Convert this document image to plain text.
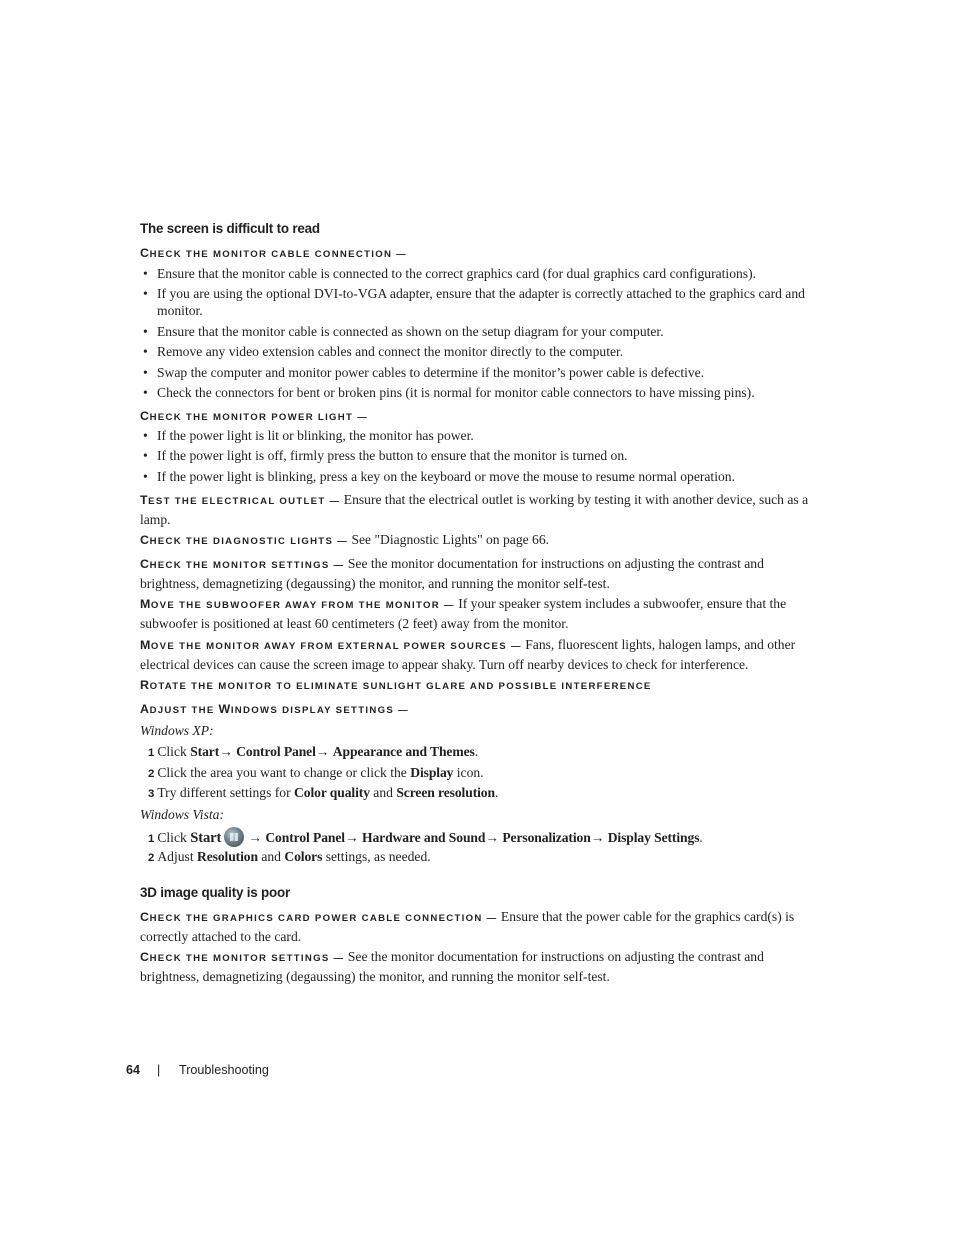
The screen is difficult to read
CHECK THE MONITOR CABLE CONNECTION —
• Ensure that the monitor cable is connected to the correct graphics card (for dual graphics card configurations).
• If you are using the optional DVI-to-VGA adapter, ensure that the adapter is correctly attached to the graphics card and monitor.
• Ensure that the monitor cable is connected as shown on the setup diagram for your computer.
• Remove any video extension cables and connect the monitor directly to the computer.
• Swap the computer and monitor power cables to determine if the monitor’s power cable is defective.
• Check the connectors for bent or broken pins (it is normal for monitor cable connectors to have missing pins).
CHECK THE MONITOR POWER LIGHT —
• If the power light is lit or blinking, the monitor has power.
• If the power light is off, firmly press the button to ensure that the monitor is turned on.
• If the power light is blinking, press a key on the keyboard or move the mouse to resume normal operation.
TEST THE ELECTRICAL OUTLET — Ensure that the electrical outlet is working by testing it with another device, such as a lamp.
CHECK THE DIAGNOSTIC LIGHTS — See "Diagnostic Lights" on page 66.
CHECK THE MONITOR SETTINGS — See the monitor documentation for instructions on adjusting the contrast and brightness, demagnetizing (degaussing) the monitor, and running the monitor self-test.
MOVE THE SUBWOOFER AWAY FROM THE MONITOR — If your speaker system includes a subwoofer, ensure that the subwoofer is positioned at least 60 centimeters (2 feet) away from the monitor.
MOVE THE MONITOR AWAY FROM EXTERNAL POWER SOURCES — Fans, fluorescent lights, halogen lamps, and other electrical devices can cause the screen image to appear shaky. Turn off nearby devices to check for interference.
ROTATE THE MONITOR TO ELIMINATE SUNLIGHT GLARE AND POSSIBLE INTERFERENCE
ADJUST THE WINDOWS DISPLAY SETTINGS —
Windows XP:
1 Click Start→ Control Panel→ Appearance and Themes.
2 Click the area you want to change or click the Display icon.
3 Try different settings for Color quality and Screen resolution.
Windows Vista:
1 Click Start → Control Panel→ Hardware and Sound→ Personalization→ Display Settings.
2 Adjust Resolution and Colors settings, as needed.
3D image quality is poor
CHECK THE GRAPHICS CARD POWER CABLE CONNECTION — Ensure that the power cable for the graphics card(s) is correctly attached to the card.
CHECK THE MONITOR SETTINGS — See the monitor documentation for instructions on adjusting the contrast and brightness, demagnetizing (degaussing) the monitor, and running the monitor self-test.
64 | Troubleshooting
